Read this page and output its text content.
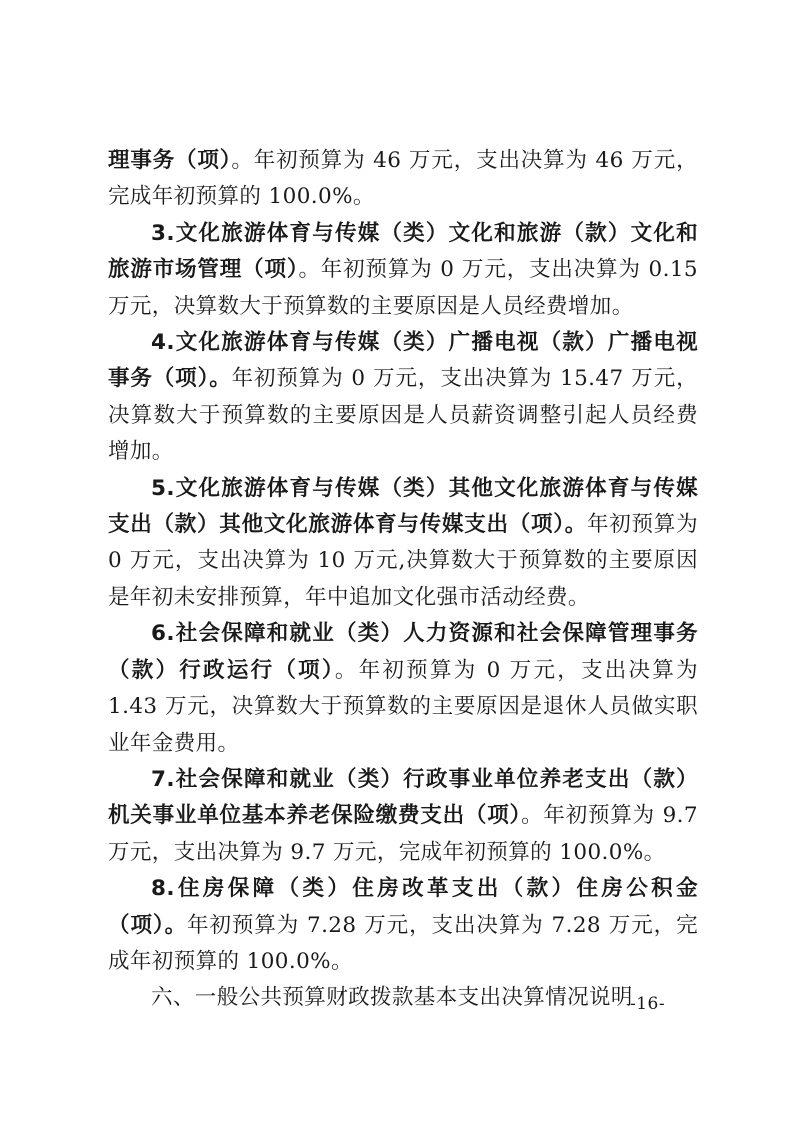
理事务（项）。年初预算为 46 万元，支出决算为 46 万元，完成年初预算的 100.0%。

3.文化旅游体育与传媒（类）文化和旅游（款）文化和旅游市场管理（项）。年初预算为 0 万元，支出决算为 0.15 万元，决算数大于预算数的主要原因是人员经费增加。

4.文化旅游体育与传媒（类）广播电视（款）广播电视事务（项）。年初预算为 0 万元，支出决算为 15.47 万元，决算数大于预算数的主要原因是人员薪资调整引起人员经费增加。

5.文化旅游体育与传媒（类）其他文化旅游体育与传媒支出（款）其他文化旅游体育与传媒支出（项）。年初预算为 0 万元，支出决算为 10 万元,决算数大于预算数的主要原因是年初未安排预算，年中追加文化强市活动经费。

6.社会保障和就业（类）人力资源和社会保障管理事务（款）行政运行（项）。年初预算为 0 万元，支出决算为 1.43 万元，决算数大于预算数的主要原因是退休人员做实职业年金费用。

7.社会保障和就业（类）行政事业单位养老支出（款）机关事业单位基本养老保险缴费支出（项）。年初预算为 9.7 万元，支出决算为 9.7 万元，完成年初预算的 100.0%。

8.住房保障（类）住房改革支出（款）住房公积金（项）。年初预算为 7.28 万元，支出决算为 7.28 万元，完成年初预算的 100.0%。

六、一般公共预算财政拨款基本支出决算情况说明

-16-
